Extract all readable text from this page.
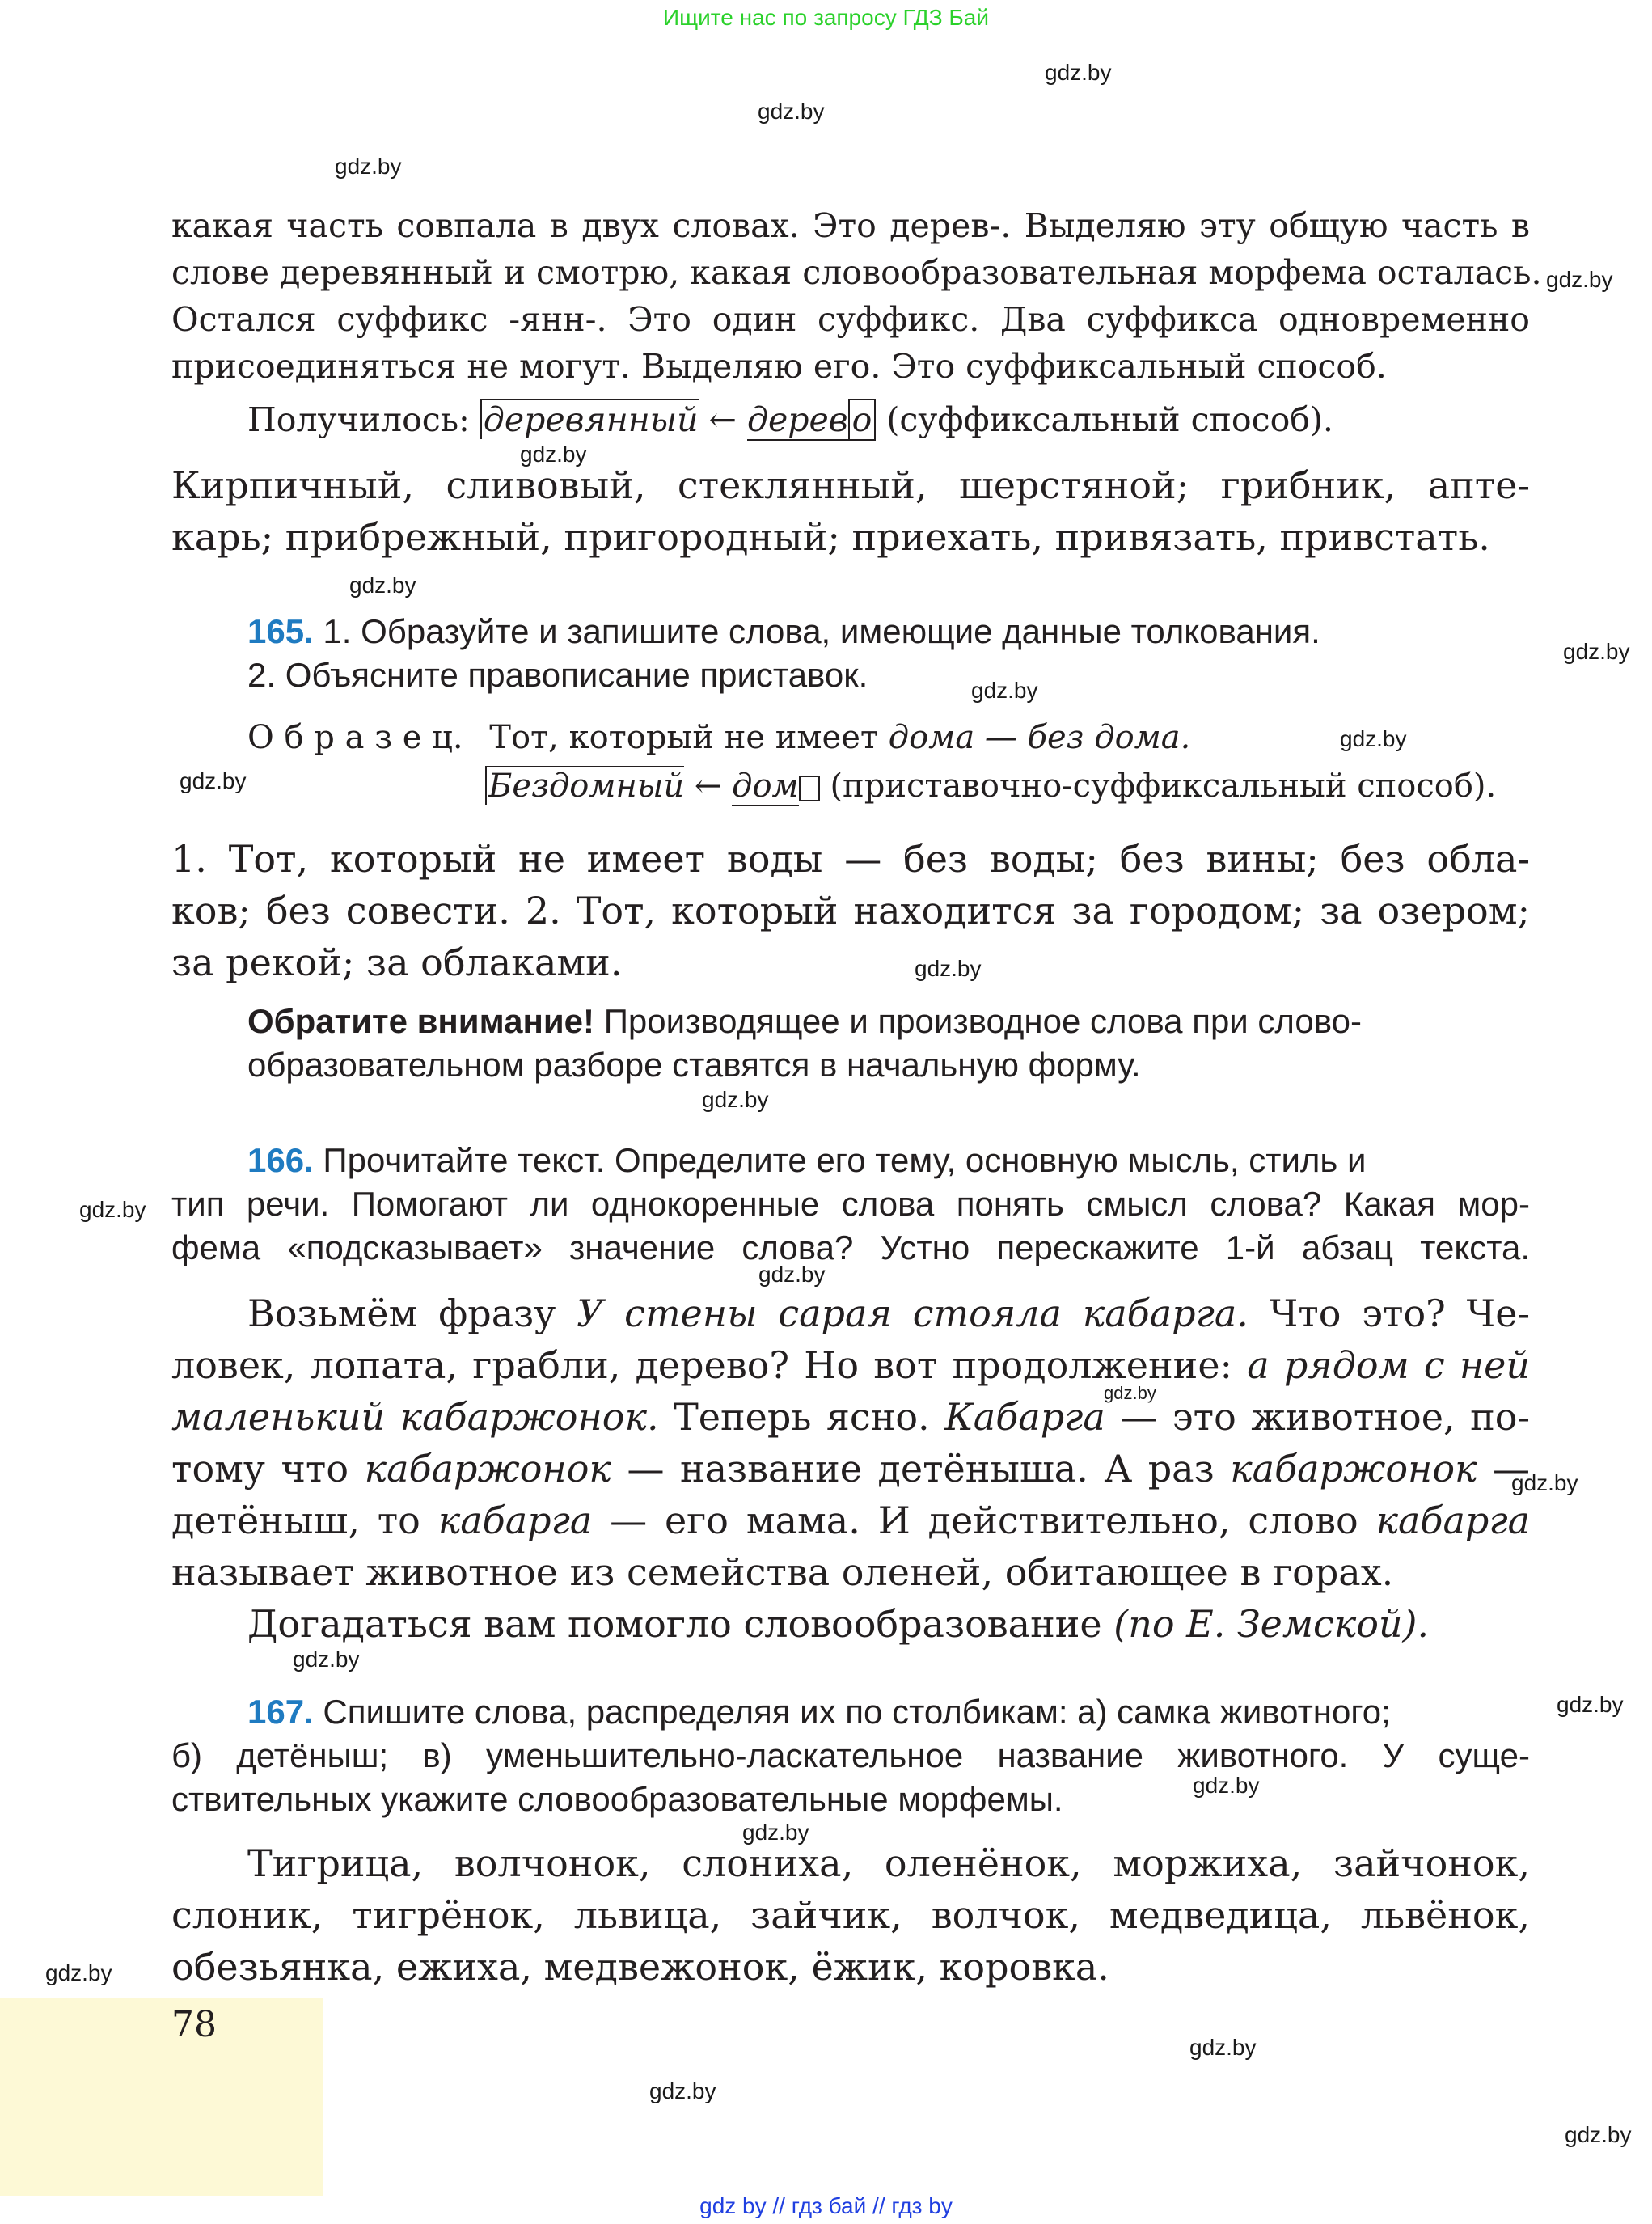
Ищите нас по запросу ГДЗ Бай
gdz by // гдз бай // гдз by
gdz.by
gdz.by
gdz.by
gdz.by
gdz.by
gdz.by
gdz.by
gdz.by
gdz.by
gdz.by
gdz.by
gdz.by
gdz.by
gdz.by
gdz.by
gdz.by
gdz.by
gdz.by
gdz.by
gdz.by
gdz.by
gdz.by
gdz.by
gdz.by
какая часть совпала в двух словах. Это дерев-. Выделяю эту общую часть в
слове деревянный и смотрю, какая словообразовательная морфема осталась.
Остался суффикс -янн-. Это один суффикс. Два суффикса одновременно
присоединяться не могут. Выделяю его. Это суффиксальный способ.
Получилось: деревянный ← дерев о (суффиксальный способ).
Кирпичный, сливовый, стеклянный, шерстяной; грибник, апте-
карь; прибрежный, пригородный; приехать, привязать, привстать.
165. 1. Образуйте и запишите слова, имеющие данные толкования.
2. Объясните правописание приставок.
О б р а з е ц. Тот, который не имеет дома — без дома.
Бездомный ← дом (приставочно-суффиксальный способ).
1. Тот, который не имеет воды — без воды; без вины; без обла-
ков; без совести. 2. Тот, который находится за городом; за озером;
за рекой; за облаками.
Обратите внимание! Производящее и производное слова при слово-
образовательном разборе ставятся в начальную форму.
166. Прочитайте текст. Определите его тему, основную мысль, стиль и
тип речи. Помогают ли однокоренные слова понять смысл слова? Какая мор-
фема «подсказывает» значение слова? Устно перескажите 1-й абзац текста.
Возьмём фразу У стены сарая стояла кабарга. Что это? Че-
ловек, лопата, грабли, дерево? Но вот продолжение: а рядом с ней
маленький кабаржонок. Теперь ясно. Кабарга — это животное, по-
тому что кабаржонок — название детёныша. А раз кабаржонок —
детёныш, то кабарга — его мама. И действительно, слово кабарга
называет животное из семейства оленей, обитающее в горах.
Догадаться вам помогло словообразование (по Е. Земской).
167. Спишите слова, распределяя их по столбикам: а) самка животного;
б) детёныш; в) уменьшительно-ласкательное название животного. У суще-
ствительных укажите словообразовательные морфемы.
Тигрица, волчонок, слониха, оленёнок, моржиха, зайчонок,
слоник, тигрёнок, львица, зайчик, волчок, медведица, львёнок,
обезьянка, ежиха, медвежонок, ёжик, коровка.
78
